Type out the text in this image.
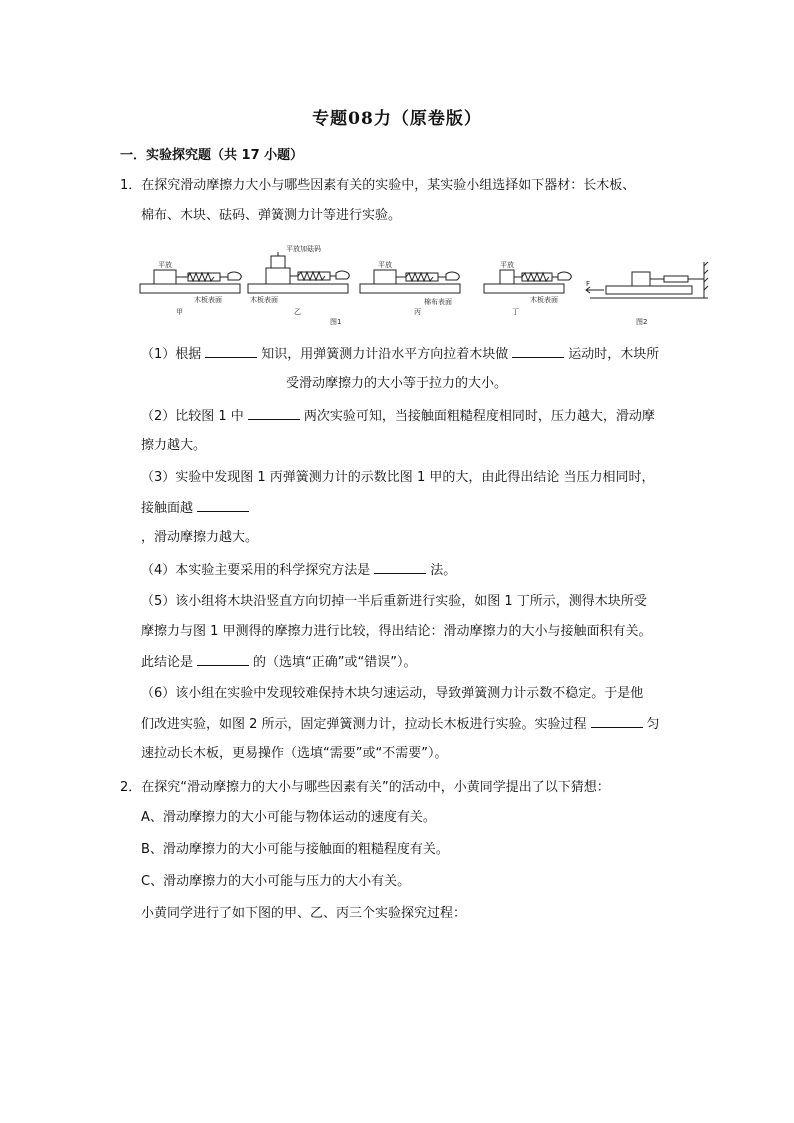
专题08力（原卷版）
一．实验探究题（共 17 小题）
1．在探究滑动摩擦力大小与哪些因素有关的实验中，某实验小组选择如下器材：长木板、
棉布、木块、砝码、弹簧测力计等进行实验。
平放
木板表面
甲
平放加砝码
木板表面
乙
平放
棉布表面
丙
图1
平放
木板表面
丁
F
图2
（1）根据	知识，用弹簧测力计沿水平方向拉着木块做	运动时，木块所
受滑动摩擦力的大小等于拉力的大小。
（2）比较图 1 中	两次实验可知，当接触面粗糙程度相同时，压力越大，滑动摩
擦力越大。
（3）实验中发现图 1 丙弹簧测力计的示数比图 1 甲的大，由此得出结论 当压力相同时，
接触面越
，滑动摩擦力越大。
（4）本实验主要采用的科学探究方法是	法。
（5）该小组将木块沿竖直方向切掉一半后重新进行实验，如图 1 丁所示，测得木块所受
摩擦力与图 1 甲测得的摩擦力进行比较，得出结论：滑动摩擦力的大小与接触面积有关。
此结论是	的（选填“正确”或“错误”）。
（6）该小组在实验中发现较难保持木块匀速运动，导致弹簧测力计示数不稳定。于是他
们改进实验，如图 2 所示，固定弹簧测力计，拉动长木板进行实验。实验过程	匀
速拉动长木板，更易操作（选填“需要”或“不需要”）。
2．在探究“滑动摩擦力的大小与哪些因素有关”的活动中，小黄同学提出了以下猜想：
A、滑动摩擦力的大小可能与物体运动的速度有关。
B、滑动摩擦力的大小可能与接触面的粗糙程度有关。
C、滑动摩擦力的大小可能与压力的大小有关。
小黄同学进行了如下图的甲、乙、丙三个实验探究过程：
